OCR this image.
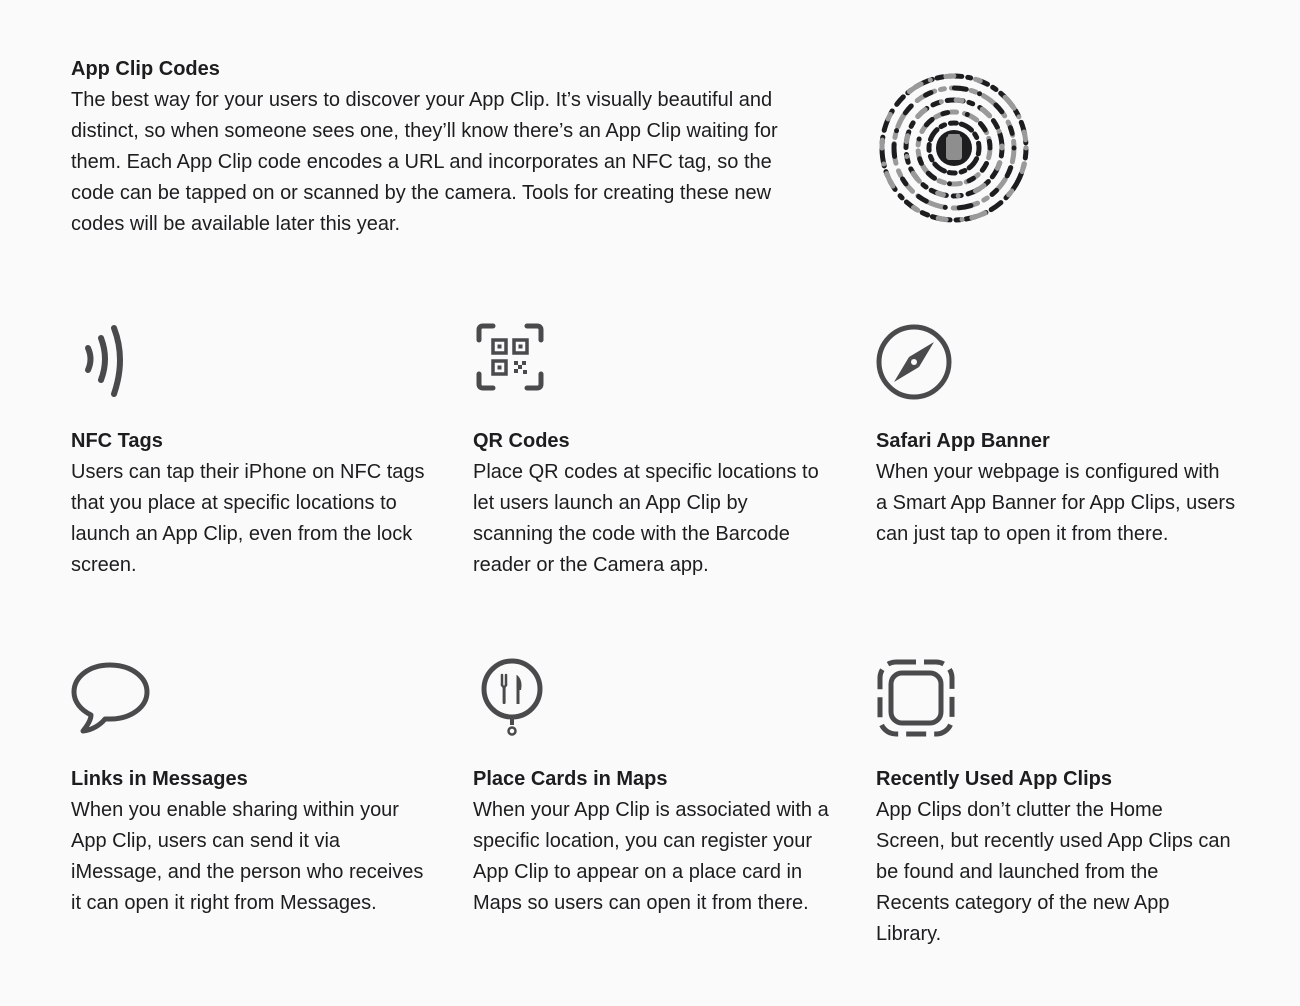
App Clip Codes

The best way for your users to discover your App Clip. It’s visually beautiful and distinct, so when someone sees one, they’ll know there’s an App Clip waiting for them. Each App Clip code encodes a URL and incorporates an NFC tag, so the code can be tapped on or scanned by the camera. Tools for creating these new codes will be available later this year.

NFC Tags

Users can tap their iPhone on NFC tags that you place at specific locations to launch an App Clip, even from the lock screen.

QR Codes

Place QR codes at specific locations to let users launch an App Clip by scanning the code with the Barcode reader or the Camera app.

Safari App Banner

When your webpage is configured with a Smart App Banner for App Clips, users can just tap to open it from there.

Links in Messages

When you enable sharing within your App Clip, users can send it via iMessage, and the person who receives it can open it right from Messages.

Place Cards in Maps

When your App Clip is associated with a specific location, you can register your App Clip to appear on a place card in Maps so users can open it from there.

Recently Used App Clips

App Clips don’t clutter the Home Screen, but recently used App Clips can be found and launched from the Recents category of the new App Library.
